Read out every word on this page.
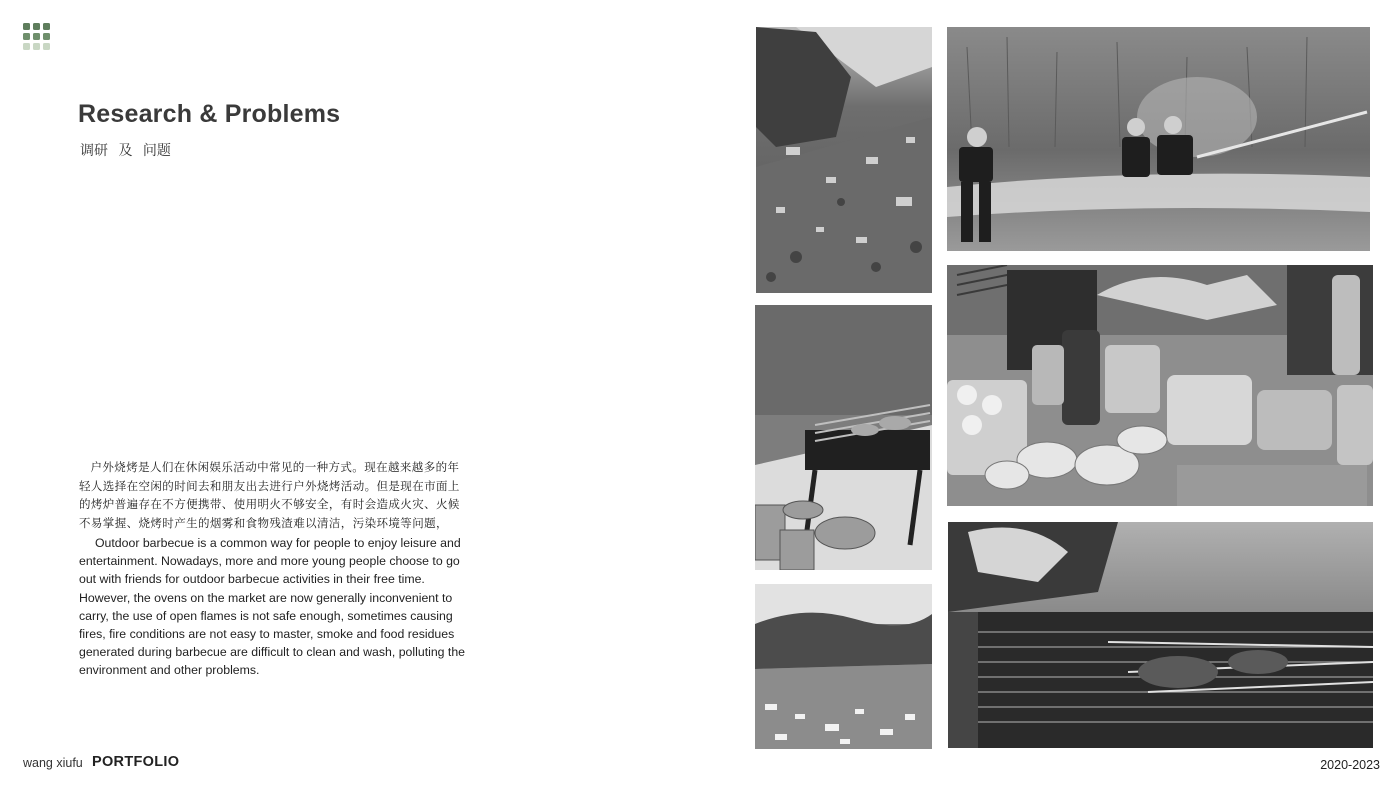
Research & Problems

调研 及 问题

户外烧烤是人们在休闲娱乐活动中常见的一种方式。现在越来越多的年轻人选择在空闲的时间去和朋友出去进行户外烧烤活动。但是现在市面上的烤炉普遍存在不方便携带、使用明火不够安全，有时会造成火灾、火候不易掌握、烧烤时产生的烟雾和食物残渣难以清洁，污染环境等问题，

Outdoor barbecue is a common way for people to enjoy leisure and entertainment. Nowadays, more and more young people choose to go out with friends for outdoor barbecue activities in their free time. However, the ovens on the market are now generally inconvenient to carry, the use of open flames is not safe enough, sometimes causing fires, fire conditions are not easy to master, smoke and food residues generated during barbecue are difficult to clean and wash, polluting the environment and other problems.

wang xiufu PORTFOLIO	2020-2023
